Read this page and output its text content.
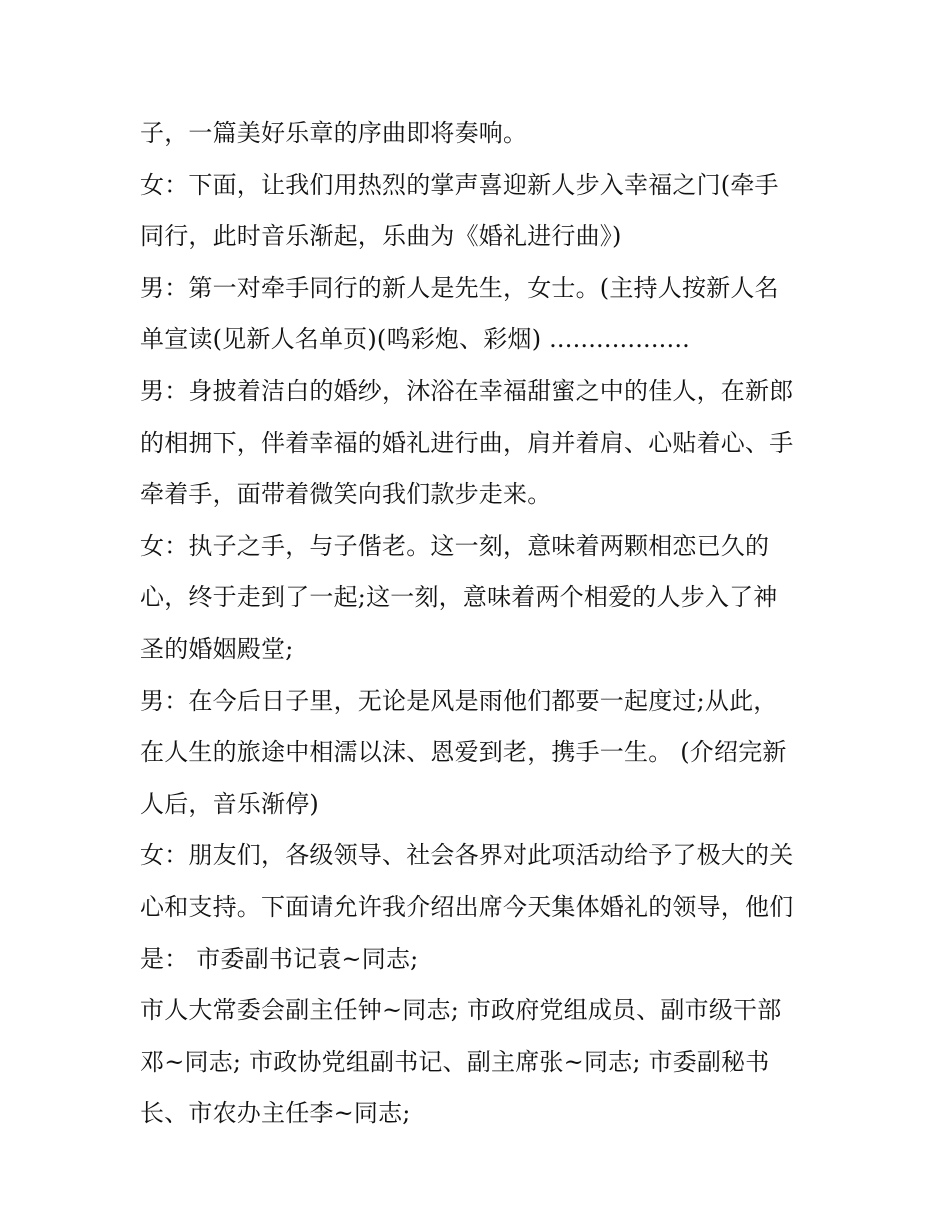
子，一篇美好乐章的序曲即将奏响。
女：下面，让我们用热烈的掌声喜迎新人步入幸福之门(牵手
同行，此时音乐渐起，乐曲为《婚礼进行曲》)
男：第一对牵手同行的新人是先生，女士。(主持人按新人名
单宣读(见新人名单页)(鸣彩炮、彩烟) ..................
男：身披着洁白的婚纱，沐浴在幸福甜蜜之中的佳人，在新郎
的相拥下，伴着幸福的婚礼进行曲，肩并着肩、心贴着心、手
牵着手，面带着微笑向我们款步走来。
女：执子之手，与子偕老。这一刻，意味着两颗相恋已久的
心，终于走到了一起;这一刻，意味着两个相爱的人步入了神
圣的婚姻殿堂;
男：在今后日子里，无论是风是雨他们都要一起度过;从此，
在人生的旅途中相濡以沫、恩爱到老，携手一生。 (介绍完新
人后，音乐渐停)
女：朋友们，各级领导、社会各界对此项活动给予了极大的关
心和支持。下面请允许我介绍出席今天集体婚礼的领导，他们
是： 市委副书记袁~同志;
市人大常委会副主任钟~同志; 市政府党组成员、副市级干部
邓~同志; 市政协党组副书记、副主席张~同志; 市委副秘书
长、市农办主任李~同志;
